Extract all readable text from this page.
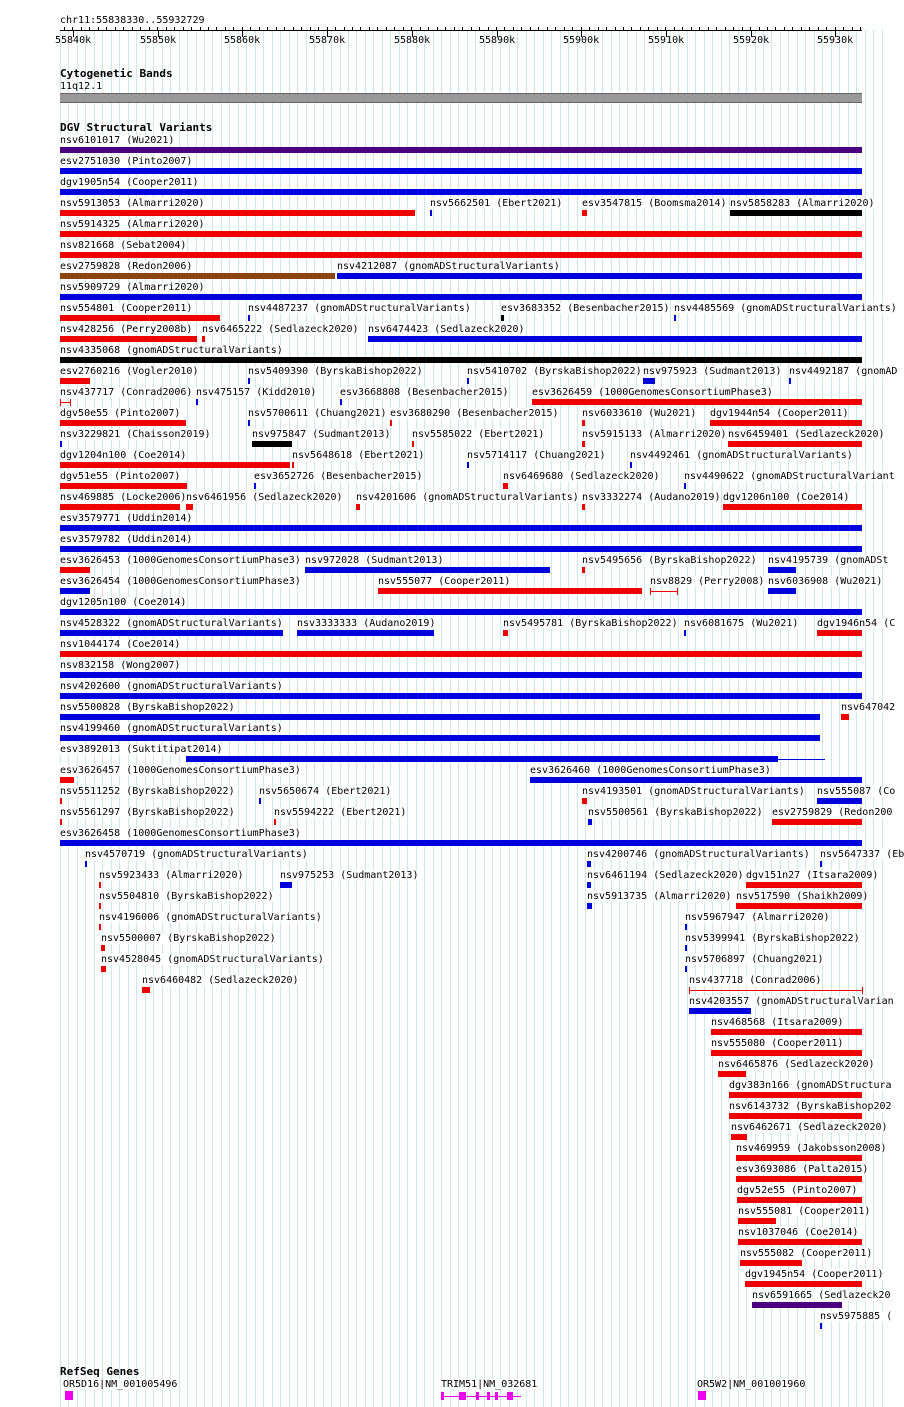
chr11:55838330..55932729
55840k	55850k	55860k	55870k	55880k	55890k	55900k	55910k	55920k	55930k
Cytogenetic Bands
11q12.1
DGV Structural Variants
nsv6101017 (Wu2021)
esv2751030 (Pinto2007)
dgv1905n54 (Cooper2011)
nsv5913053 (Almarri2020)	nsv5662501 (Ebert2021) esv3547815 (Boomsma2014) nsv5858283 (Almarri2020)
nsv5914325 (Almarri2020)
nsv821668 (Sebat2004)
esv2759828 (Redon2006)	nsv4212087 (gnomADStructuralVariants)
nsv5909729 (Almarri2020)
nsv554801 (Cooper2011)	nsv4487237 (gnomADStructuralVariants)	esv3683352 (Besenbacher2015) nsv4485569 (gnomADStructuralVariants)
nsv428256 (Perry2008b) nsv6465222 (Sedlazeck2020) nsv6474423 (Sedlazeck2020)
nsv4335068 (gnomADStructuralVariants)
esv2760216 (Vogler2010)	nsv5409390 (ByrskaBishop2022)	nsv5410702 (ByrskaBishop2022) nsv975923 (Sudmant2013) nsv4492187 (gnomAD
nsv437717 (Conrad2006) nsv475157 (Kidd2010) esv3668808 (Besenbacher2015) esv3626459 (1000GenomesConsortiumPhase3)
dgv50e55 (Pinto2007)	nsv5700611 (Chuang2021) esv3680290 (Besenbacher2015) nsv6033610 (Wu2021) dgv1944n54 (Cooper2011)
nsv3229821 (Chaisson2019)	nsv975847 (Sudmant2013) nsv5585022 (Ebert2021)	nsv5915133 (Almarri2020) nsv6459401 (Sedlazeck2020)
dgv1204n100 (Coe2014)	nsv5648618 (Ebert2021)	nsv5714117 (Chuang2021) nsv4492461 (gnomADStructuralVariants)
dgv51e55 (Pinto2007)	esv3652726 (Besenbacher2015)	nsv6469680 (Sedlazeck2020) nsv4490622 (gnomADStructuralVariant
nsv469885 (Locke2006) nsv6461956 (Sedlazeck2020) nsv4201606 (gnomADStructuralVariants) nsv3332274 (Audano2019) dgv1206n100 (Coe2014)
esv3579771 (Uddin2014)
esv3579782 (Uddin2014)
esv3626453 (1000GenomesConsortiumPhase3) nsv972028 (Sudmant2013)	nsv5495656 (ByrskaBishop2022) nsv4195739 (gnomADSt
esv3626454 (1000GenomesConsortiumPhase3)	nsv555077 (Cooper2011)	nsv8829 (Perry2008) nsv6036908 (Wu2021)
dgv1205n100 (Coe2014)
nsv4528322 (gnomADStructuralVariants) nsv3333333 (Audano2019)	nsv5495781 (ByrskaBishop2022) nsv6081675 (Wu2021) dgv1946n54 (C
nsv1044174 (Coe2014)
nsv832158 (Wong2007)
nsv4202600 (gnomADStructuralVariants)
nsv5500828 (ByrskaBishop2022)	nsv647042
nsv4199460 (gnomADStructuralVariants)
esv3892013 (Suktitipat2014)
esv3626457 (1000GenomesConsortiumPhase3)	esv3626460 (1000GenomesConsortiumPhase3)
nsv5511252 (ByrskaBishop2022) nsv5650674 (Ebert2021)	nsv4193501 (gnomADStructuralVariants) nsv555087 (Co
nsv5561297 (ByrskaBishop2022)	nsv5594222 (Ebert2021)	nsv5500561 (ByrskaBishop2022) esv2759829 (Redon200
esv3626458 (1000GenomesConsortiumPhase3)
nsv4570719 (gnomADStructuralVariants)	nsv4200746 (gnomADStructuralVariants) nsv5647337 (Eb
nsv5923433 (Almarri2020)	nsv975253 (Sudmant2013)	nsv6461194 (Sedlazeck2020) dgv151n27 (Itsara2009)
nsv5504810 (ByrskaBishop2022)	nsv5913735 (Almarri2020) nsv517590 (Shaikh2009)
nsv4196006 (gnomADStructuralVariants)	nsv5967947 (Almarri2020)
nsv5500007 (ByrskaBishop2022)	nsv5399941 (ByrskaBishop2022)
nsv4528045 (gnomADStructuralVariants)	nsv5706897 (Chuang2021)
nsv6460482 (Sedlazeck2020)	nsv437718 (Conrad2006)
nsv4203557 (gnomADStructuralVarian
nsv468568 (Itsara2009)
nsv555080 (Cooper2011)
nsv6465876 (Sedlazeck2020)
dgv383n166 (gnomADStructura
nsv6143732 (ByrskaBishop202
nsv6462671 (Sedlazeck2020)
nsv469959 (Jakobsson2008)
esv3693086 (Palta2015)
dgv52e55 (Pinto2007)
nsv555081 (Cooper2011)
nsv1037046 (Coe2014)
nsv555082 (Cooper2011)
dgv1945n54 (Cooper2011)
nsv6591665 (Sedlazeck20
nsv5975885 (
RefSeq Genes
OR5D16|NM_001005496	TRIM51|NM_032681	OR5W2|NM_001001960
